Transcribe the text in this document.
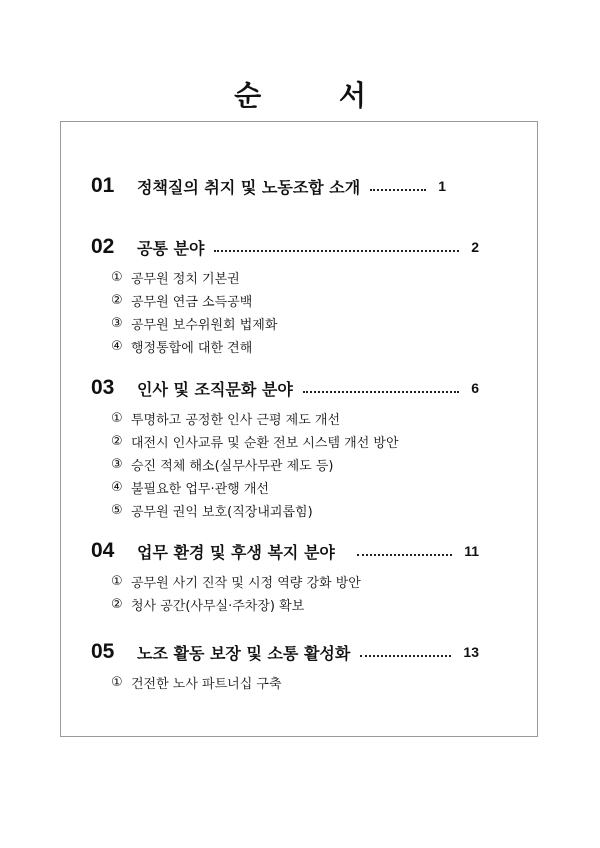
순 서
01	정책질의 취지 및 노동조합 소개	1
02	공통 분야	2
① 공무원 정치 기본권
② 공무원 연금 소득공백
③ 공무원 보수위원회 법제화
④ 행정통합에 대한 견해
03	인사 및 조직문화 분야	6
① 투명하고 공정한 인사 근평 제도 개선
② 대전시 인사교류 및 순환 전보 시스템 개선 방안
③ 승진 적체 해소(실무사무관 제도 등)
④ 불필요한 업무·관행 개선
⑤ 공무원 권익 보호(직장내괴롭힘)
04	업무 환경 및 후생 복지 분야	11
① 공무원 사기 진작 및 시정 역량 강화 방안
② 청사 공간(사무실·주차장) 확보
05	노조 활동 보장 및 소통 활성화	13
① 건전한 노사 파트너십 구축
